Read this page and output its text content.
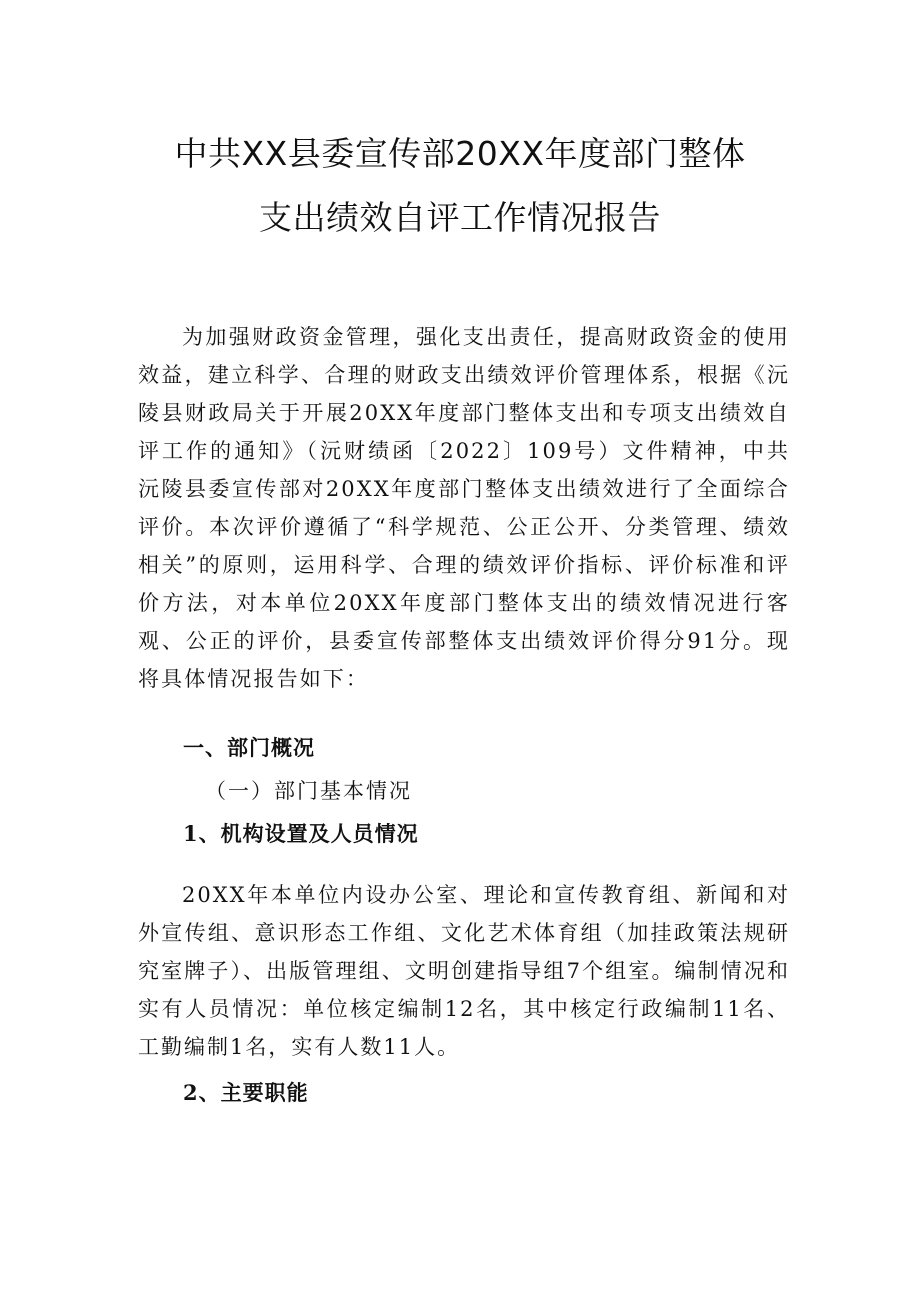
中共XX县委宣传部20XX年度部门整体
支出绩效自评工作情况报告

为加强财政资金管理，强化支出责任，提高财政资金的使用效益，建立科学、合理的财政支出绩效评价管理体系，根据《沅陵县财政局关于开展20XX年度部门整体支出和专项支出绩效自评工作的通知》（沅财绩函〔2022〕109号）文件精神，中共沅陵县委宣传部对20XX年度部门整体支出绩效进行了全面综合评价。本次评价遵循了“科学规范、公正公开、分类管理、绩效相关”的原则，运用科学、合理的绩效评价指标、评价标准和评价方法，对本单位20XX年度部门整体支出的绩效情况进行客观、公正的评价，县委宣传部整体支出绩效评价得分91分。现将具体情况报告如下：

一、部门概况
（一）部门基本情况
1、机构设置及人员情况

20XX年本单位内设办公室、理论和宣传教育组、新闻和对外宣传组、意识形态工作组、文化艺术体育组（加挂政策法规研究室牌子）、出版管理组、文明创建指导组7个组室。编制情况和实有人员情况：单位核定编制12名，其中核定行政编制11名、工勤编制1名，实有人数11人。

2、主要职能
